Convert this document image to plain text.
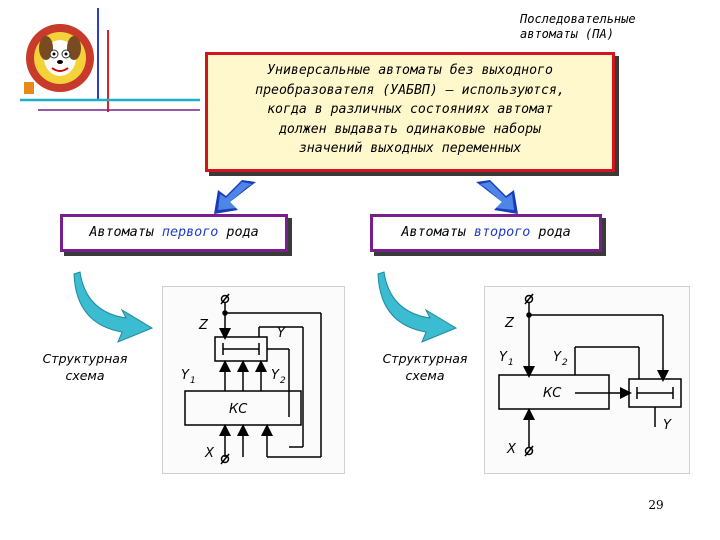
Последовательные
автоматы (ПА)
Универсальные автоматы без выходного
преобразователя (УАБВП) – используются,
когда в различных состояниях автомат
должен выдавать одинаковые наборы
значений выходных переменных
Автоматы первого рода	Автоматы второго рода
Структурная
схема
Структурная
схема
Z
Y
Y 1	Y 2
КС
X
Z
Y 1	Y 2
КС
Y
X
29
